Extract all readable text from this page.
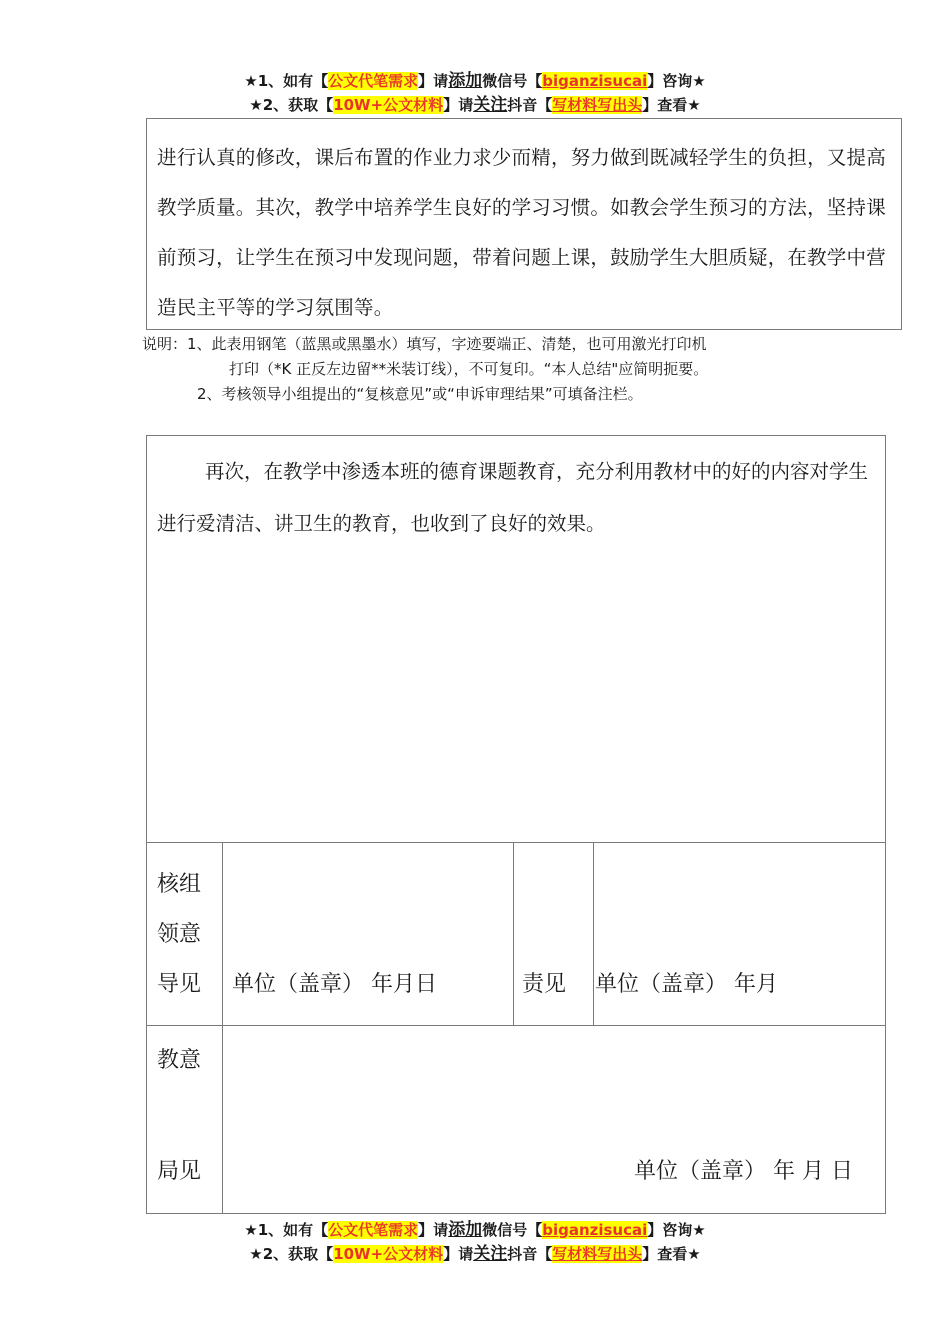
★1、如有【公文代笔需求】请添加微信号【biganzisucai】咨询★
★2、获取【10W+公文材料】请关注抖音【写材料写出头】查看★

进行认真的修改，课后布置的作业力求少而精，努力做到既减轻学生的负担，又提高教学质量。其次，教学中培养学生良好的学习习惯。如教会学生预习的方法，坚持课前预习，让学生在预习中发现问题，带着问题上课，鼓励学生大胆质疑，在教学中营造民主平等的学习氛围等。

说明：1、此表用钢笔（蓝黑或黑墨水）填写，字迹要端正、清楚，也可用激光打印机
打印（*K 正反左边留**米装订线），不可复印。“本人总结"应简明扼要。
2、考核领导小组提出的“复核意见”或“申诉审理结果”可填备注栏。
再次，在教学中渗透本班的德育课题教育，充分利用教材中的好的内容对学生进行爱清洁、讲卫生的教育，也收到了良好的效果。
核组
领意
导见 单位（盖章） 年月日	责见 单位（盖章） 年月
教意
局见	单位（盖章） 年 月 日
★1、如有【公文代笔需求】请添加微信号【biganzisucai】咨询★
★2、获取【10W+公文材料】请关注抖音【写材料写出头】查看★
